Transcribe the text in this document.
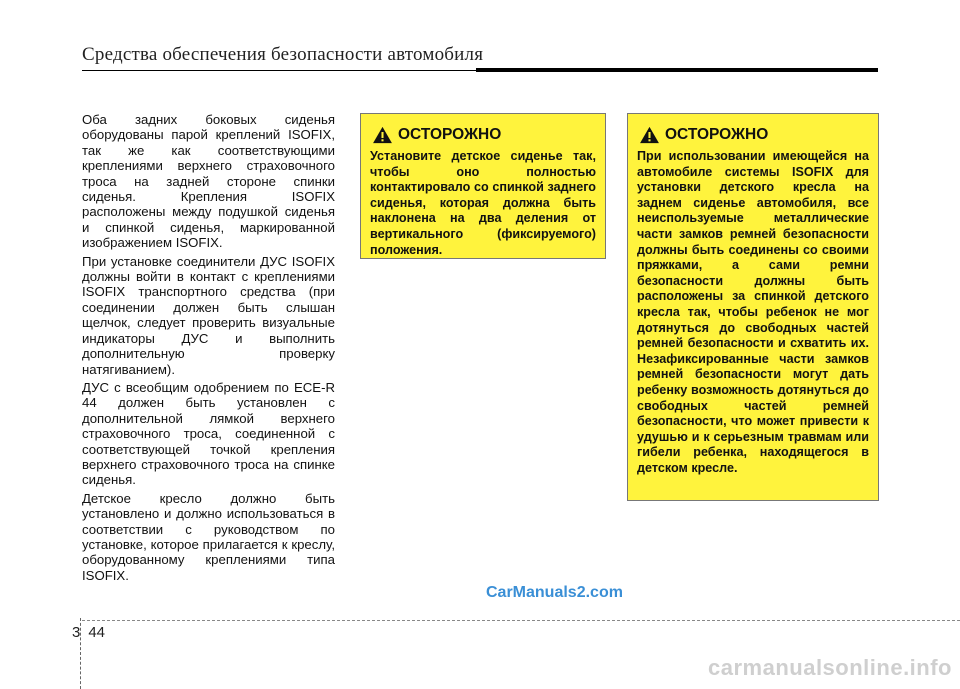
Средства обеспечения безопасности автомобиля

Оба задних боковых сиденья оборудованы парой креплений ISOFIX, так же как соответствующими креплениями верхнего страховочного троса на задней стороне спинки сиденья. Крепления ISOFIX расположены между подушкой сиденья и спинкой сиденья, маркированной изображением ISOFIX.

При установке соединители ДУС ISOFIX должны войти в контакт с креплениями ISOFIX транспортного средства (при соединении должен быть слышан щелчок, следует проверить визуальные индикаторы ДУС и выполнить дополнительную проверку натягиванием).

ДУС с всеобщим одобрением по ECE-R 44 должен быть установлен с дополнительной лямкой верхнего страховочного троса, соединенной с соответствующей точкой крепления верхнего страховочного троса на спинке сиденья.

Детское кресло должно быть установлено и должно использоваться в соответствии с руководством по установке, которое прилагается к креслу, оборудованному креплениями типа ISOFIX.

ОСТОРОЖНО
Установите детское сиденье так, чтобы оно полностью контактировало со спинкой заднего сиденья, которая должна быть наклонена на два деления от вертикального (фиксируемого) положения.
ОСТОРОЖНО
При использовании имеющейся на автомобиле системы ISOFIX для установки детского кресла на заднем сиденье автомобиля, все неиспользуемые металлические части замков ремней безопасности должны быть соединены со своими пряжками, а сами ремни безопасности должны быть расположены за спинкой детского кресла так, чтобы ребенок не мог дотянуться до свободных частей ремней безопасности и схватить их. Незафиксированные части замков ремней безопасности могут дать ребенку возможность дотянуться до свободных частей ремней безопасности, что может привести к удушью и к серьезным травмам или гибели ребенка, находящегося в детском кресле.
CarManuals2.com
3 44
carmanualsonline.info
